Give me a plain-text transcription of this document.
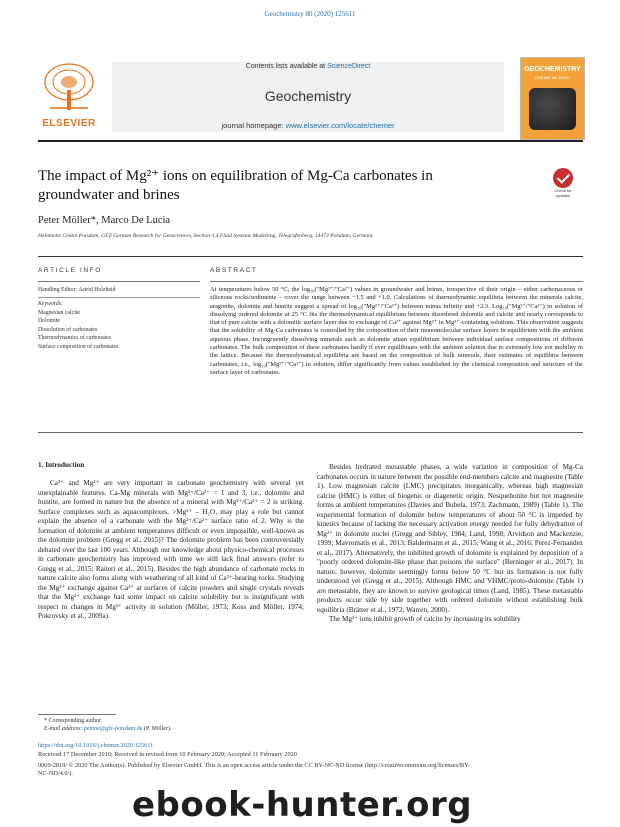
Geochemistry 80 (2020) 125611
ELSEVIER
Contents lists available at ScienceDirect
Geochemistry
journal homepage: www.elsevier.com/locate/chemer
GEOCHEMISTRY
CHEMIE der ERDE
The impact of Mg²⁺ ions on equilibration of Mg-Ca carbonates in groundwater and brines	Check for updates
Peter Möller*, Marco De Lucia
Helmholtz Centre Potsdam, GFZ German Research for Geosciences, Section 3.4 Fluid Systems Modelling, Telegrafenberg, 14473 Potsdam, Germany
ARTICLE INFO	ABSTRACT
Handling Editor: Astrid Holzheid
Keywords:
Magnesian calcite
Dolomite
Dissolution of carbonates
Thermodynamics of carbonates
Surface composition of carbonates
At temperatures below 50 °C, the log₁₀("Mg²⁺/"Ca²⁺) values in groundwater and brines, irrespective of their origin – either carbonaceous or siliceous rocks/sediments – cover the range between −1.5 and +1.0. Calculations of thermodynamic equilibria between the minerals calcite, aragonite, dolomite and huntite suggest a spread of log₁₀("Mg²⁺/"Ca²⁺) between minus infinity and +2.3. Log₁₀("Mg²⁺/"Ca²⁺) in solution of dissolving ordered dolomite at 25 °C fits the thermodynamical equilibrium between disordered dolomite and calcite and nearly corresponds to that of pure calcite with a dolomitic surface layer due to exchange of Ca²⁺ against Mg²⁺ in Mg²⁺-containing solutions. This observation suggests that the solubility of Mg-Ca carbonates is controlled by the composition of their monomolecular surface layers in equilibrium with the ambient aqueous phase. Incongruently dissolving minerals such as dolomite attain equilibrium between individual surface compositions of different carbonates. The bulk composition of these carbonates hardly if ever equilibrates with the ambient solution due to extremely low ion mobility in the lattice. Because the thermodynamical equilibria are based on the composition of bulk minerals, their estimates of equilibria between carbonates, i.e., log₁₀("Mg²⁺/"Ca²⁺) in solution, differ significantly from values established by the chemical composition and structure of the surface layer of carbonates.
1. Introduction

Ca²⁺ and Mg²⁺ are very important in carbonate geochemistry with several yet unexplainable features. Ca-Mg minerals with Mg²⁺/Ca²⁺ = 1 and 3, i.e., dolomite and huntite, are formed in nature but the absence of a mineral with Mg²⁺/Ca²⁺ = 2 is striking. Surface complexes such as aquacomplexes, >Mg²⁺ – H₂O, may play a role but cannot explain the absence of a carbonate with the Mg²⁺/Ca²⁺ surface ratio of 2. Why is the formation of dolomite at ambient temperatures difficult or even impossible, well-known as the dolomite problem (Gregg et al., 2015)? The dolomite problem has been controversially debated over the last 100 years. Although our knowledge about physico-chemical processes in carbonate geochemistry has improved with time we still lack final answers (refer to Gregg et al., 2015; Raiteri et al., 2015). Besides the high abundance of carbonate rocks in nature calcite also forms along with weathering of all kind of Ca²⁺-bearing rocks. Studying the Mg²⁺ exchange against Ca²⁺ at surfaces of calcite powders and single crystals reveals that the Mg²⁺ exchange had some impact on calcite solubility but is insignificant with respect to changes in Mg²⁺ activity in solution (Möller, 1973; Koss and Möller, 1974; Pokrovsky et al., 2009a).

Besides hydrated metastable phases, a wide variation in composition of Mg-Ca carbonates occurs in nature between the possible end-members calcite and magnesite (Table 1). Low magnesian calcite (LMC) precipitates inorganically, whereas high magnesian calcite (HMC) is either of biogenic or diagenetic origin. Nesquehonite but not magnesite forms at ambient temperatures (Davies and Bubela, 1973; Zachmann, 1989) (Table 1). The experimental formation of dolomite below temperatures of about 50 °C is impeded by kinetics because of lacking the necessary activation energy needed for fully dehydration of Mg²⁺ in dolomite nuclei (Gregg and Sibley, 1984; Land, 1998; Arvidson and Mackenzie, 1999; Mavromatis et al., 2013; Baldermann et al., 2015; Wang et al., 2016; Perez-Fernandez et al., 2017). Alternatively, the inhibited growth of dolomite is explained by deposition of a "poorly ordered dolomite-like phase that poisons the surface" (Berninger et al., 2017). In nature, however, dolomite seemingly forms below 50 °C but its formation is not fully understood yet (Gregg et al., 2015). Although HMC and VHMC/proto-dolomite (Table 1) are metastable, they are known to survive geological times (Land, 1985). These metastable products occur side by side together with ordered dolomite without establishing bulk equilibria (Brätter et al., 1972; Warren, 2000).

The Mg²⁺ ions inhibit growth of calcite by increasing its solubility

* Corresponding author.
E-mail address: pemoe@gfz-potsdam.de (P. Möller).
https://doi.org/10.1016/j.chemer.2020.125611
Received 17 December 2019; Received in revised form 10 February 2020; Accepted 11 February 2020
0009-2819/ © 2020 The Author(s). Published by Elsevier GmbH. This is an open access article under the CC BY-NC-ND license (http://creativecommons.org/licenses/BY-NC-ND/4.0/).
ebook-hunter.org
